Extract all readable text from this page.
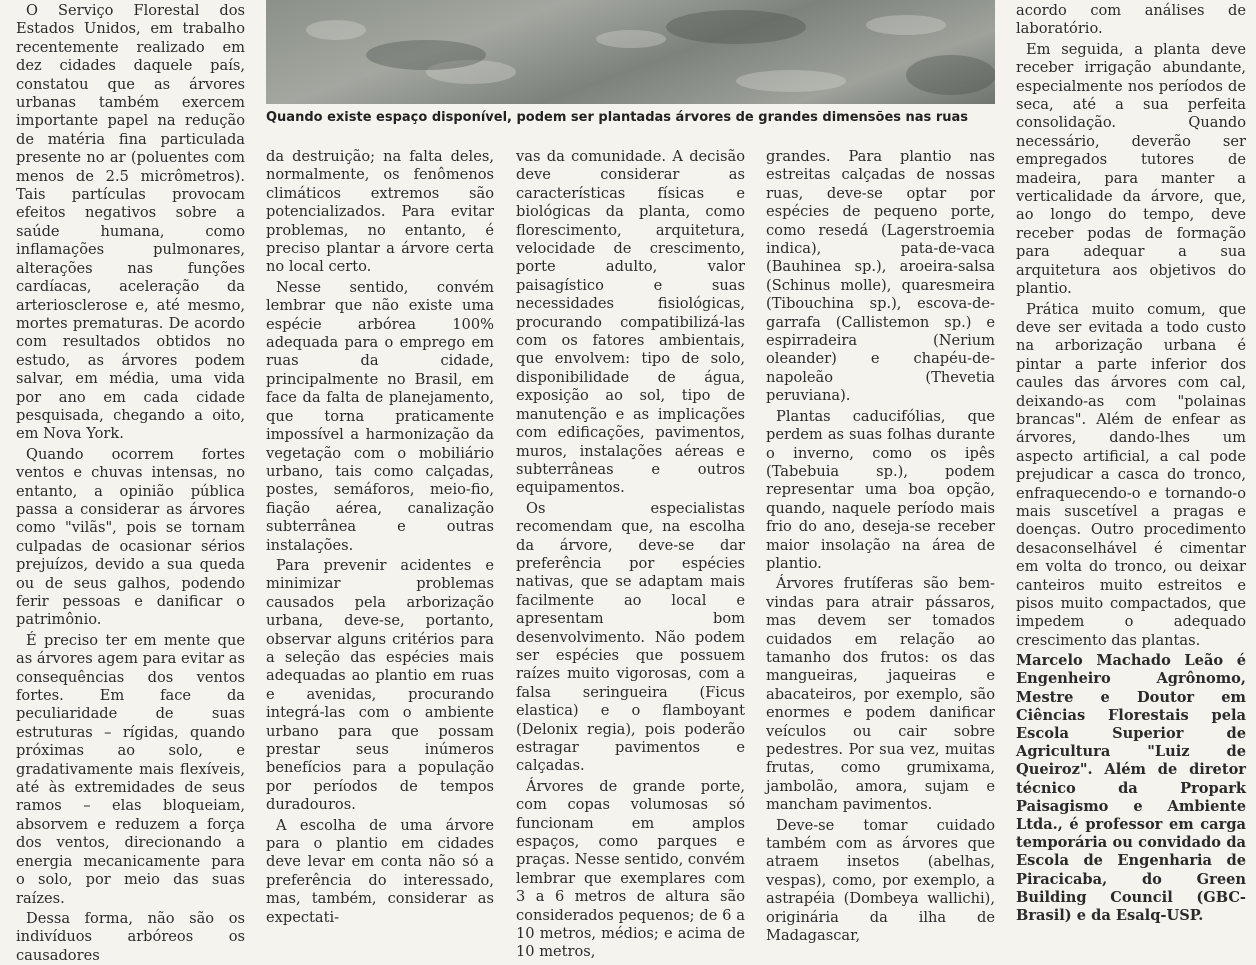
Quando existe espaço disponível, podem ser plantadas árvores de grandes dimensões nas ruas

O Serviço Florestal dos Estados Unidos, em trabalho recentemente realizado em dez cidades daquele país, constatou que as árvores urbanas também exercem importante papel na redução de matéria fina particulada presente no ar (poluentes com menos de 2.5 micrômetros). Tais partículas provocam efeitos negativos sobre a saúde humana, como inflamações pulmonares, alterações nas funções cardíacas, aceleração da arteriosclerose e, até mesmo, mortes prematuras. De acordo com resultados obtidos no estudo, as árvores podem salvar, em média, uma vida por ano em cada cidade pesquisada, chegando a oito, em Nova York.

Quando ocorrem fortes ventos e chuvas intensas, no entanto, a opinião pública passa a considerar as árvores como "vilãs", pois se tornam culpadas de ocasionar sérios prejuízos, devido a sua queda ou de seus galhos, podendo ferir pessoas e danificar o patrimônio.

É preciso ter em mente que as árvores agem para evitar as consequências dos ventos fortes. Em face da peculiaridade de suas estruturas – rígidas, quando próximas ao solo, e gradativamente mais flexíveis, até às extremidades de seus ramos – elas bloqueiam, absorvem e reduzem a força dos ventos, direcionando a energia mecanicamente para o solo, por meio das suas raízes.

Dessa forma, não são os indivíduos arbóreos os causadores

da destruição; na falta deles, normalmente, os fenômenos climáticos extremos são potencializados. Para evitar problemas, no entanto, é preciso plantar a árvore certa no local certo.

Nesse sentido, convém lembrar que não existe uma espécie arbórea 100% adequada para o emprego em ruas da cidade, principalmente no Brasil, em face da falta de planejamento, que torna praticamente impossível a harmonização da vegetação com o mobiliário urbano, tais como calçadas, postes, semáforos, meio-fio, fiação aérea, canalização subterrânea e outras instalações.

Para prevenir acidentes e minimizar problemas causados pela arborização urbana, deve-se, portanto, observar alguns critérios para a seleção das espécies mais adequadas ao plantio em ruas e avenidas, procurando integrá-las com o ambiente urbano para que possam prestar seus inúmeros benefícios para a população por períodos de tempos duradouros.

A escolha de uma árvore para o plantio em cidades deve levar em conta não só a preferência do interessado, mas, também, considerar as expectati-

vas da comunidade. A decisão deve considerar as características físicas e biológicas da planta, como florescimento, arquitetura, velocidade de crescimento, porte adulto, valor paisagístico e suas necessidades fisiológicas, procurando compatibilizá-las com os fatores ambientais, que envolvem: tipo de solo, disponibilidade de água, exposição ao sol, tipo de manutenção e as implicações com edificações, pavimentos, muros, instalações aéreas e subterrâneas e outros equipamentos.

Os especialistas recomendam que, na escolha da árvore, deve-se dar preferência por espécies nativas, que se adaptam mais facilmente ao local e apresentam bom desenvolvimento. Não podem ser espécies que possuem raízes muito vigorosas, com a falsa seringueira (Ficus elastica) e o flamboyant (Delonix regia), pois poderão estragar pavimentos e calçadas.

Árvores de grande porte, com copas volumosas só funcionam em amplos espaços, como parques e praças. Nesse sentido, convém lembrar que exemplares com 3 a 6 metros de altura são considerados pequenos; de 6 a 10 metros, médios; e acima de 10 metros,

grandes. Para plantio nas estreitas calçadas de nossas ruas, deve-se optar por espécies de pequeno porte, como resedá (Lagerstroemia indica), pata-de-vaca (Bauhinea sp.), aroeira-salsa (Schinus molle), quaresmeira (Tibouchina sp.), escova-de-garrafa (Callistemon sp.) e espirradeira (Nerium oleander) e chapéu-de-napoleão (Thevetia peruviana).

Plantas caducifólias, que perdem as suas folhas durante o inverno, como os ipês (Tabebuia sp.), podem representar uma boa opção, quando, naquele período mais frio do ano, deseja-se receber maior insolação na área de plantio.

Árvores frutíferas são bem-vindas para atrair pássaros, mas devem ser tomados cuidados em relação ao tamanho dos frutos: os das mangueiras, jaqueiras e abacateiros, por exemplo, são enormes e podem danificar veículos ou cair sobre pedestres. Por sua vez, muitas frutas, como grumixama, jambolão, amora, sujam e mancham pavimentos.

Deve-se tomar cuidado também com as árvores que atraem insetos (abelhas, vespas), como, por exemplo, a astrapéia (Dombeya wallichi), originária da ilha de Madagascar,

acordo com análises de laboratório.

Em seguida, a planta deve receber irrigação abundante, especialmente nos períodos de seca, até a sua perfeita consolidação. Quando necessário, deverão ser empregados tutores de madeira, para manter a verticalidade da árvore, que, ao longo do tempo, deve receber podas de formação para adequar a sua arquitetura aos objetivos do plantio.

Prática muito comum, que deve ser evitada a todo custo na arborização urbana é pintar a parte inferior dos caules das árvores com cal, deixando-as com "polainas brancas". Além de enfear as árvores, dando-lhes um aspecto artificial, a cal pode prejudicar a casca do tronco, enfraquecendo-o e tornando-o mais suscetível a pragas e doenças. Outro procedimento desaconselhável é cimentar em volta do tronco, ou deixar canteiros muito estreitos e pisos muito compactados, que impedem o adequado crescimento das plantas.

Marcelo Machado Leão é Engenheiro Agrônomo, Mestre e Doutor em Ciências Florestais pela Escola Superior de Agricultura "Luiz de Queiroz". Além de diretor técnico da Propark Paisagismo e Ambiente Ltda., é professor em carga temporária ou convidado da Escola de Engenharia de Piracicaba, do Green Building Council (GBC-Brasil) e da Esalq-USP.
